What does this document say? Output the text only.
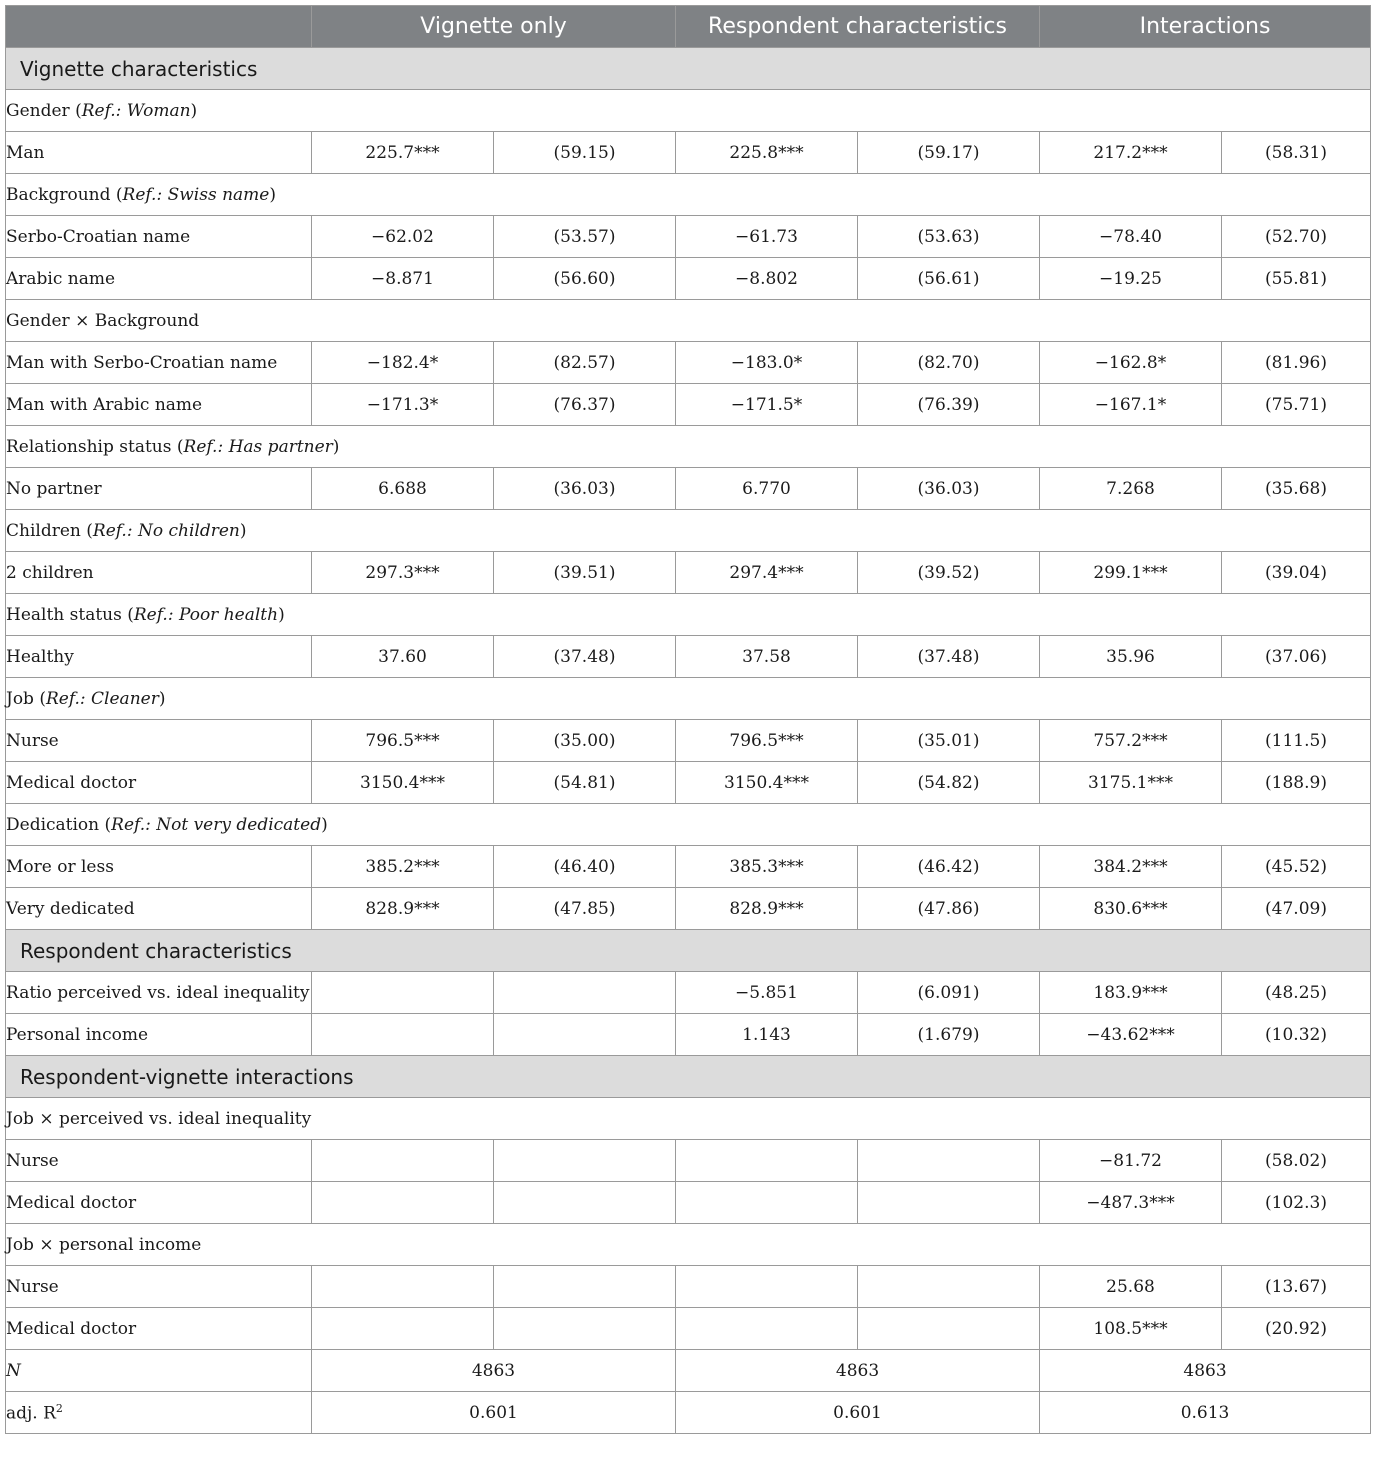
	Vignette only		Respondent characteristics		Interactions	
Vignette characteristics						
Gender (Ref.: Woman)						
Man	225.7***	(59.15)	225.8***	(59.17)	217.2***	(58.31)
Background (Ref.: Swiss name)						
Serbo-Croatian name	−62.02	(53.57)	−61.73	(53.63)	−78.40	(52.70)
Arabic name	−8.871	(56.60)	−8.802	(56.61)	−19.25	(55.81)
Gender × Background						
Man with Serbo-Croatian name	−182.4*	(82.57)	−183.0*	(82.70)	−162.8*	(81.96)
Man with Arabic name	−171.3*	(76.37)	−171.5*	(76.39)	−167.1*	(75.71)
Relationship status (Ref.: Has partner)						
No partner	6.688	(36.03)	6.770	(36.03)	7.268	(35.68)
Children (Ref.: No children)						
2 children	297.3***	(39.51)	297.4***	(39.52)	299.1***	(39.04)
Health status (Ref.: Poor health)						
Healthy	37.60	(37.48)	37.58	(37.48)	35.96	(37.06)
Job (Ref.: Cleaner)						
Nurse	796.5***	(35.00)	796.5***	(35.01)	757.2***	(111.5)
Medical doctor	3150.4***	(54.81)	3150.4***	(54.82)	3175.1***	(188.9)
Dedication (Ref.: Not very dedicated)						
More or less	385.2***	(46.40)	385.3***	(46.42)	384.2***	(45.52)
Very dedicated	828.9***	(47.85)	828.9***	(47.86)	830.6***	(47.09)
Respondent characteristics						
Ratio perceived vs. ideal inequality			−5.851	(6.091)	183.9***	(48.25)
Personal income			1.143	(1.679)	−43.62***	(10.32)
Respondent-vignette interactions						
Job × perceived vs. ideal inequality						
Nurse					−81.72	(58.02)
Medical doctor					−487.3***	(102.3)
Job × personal income						
Nurse					25.68	(13.67)
Medical doctor					108.5***	(20.92)
N	4863		4863		4863	
adj. $R^2$	0.601		0.601		0.613	
